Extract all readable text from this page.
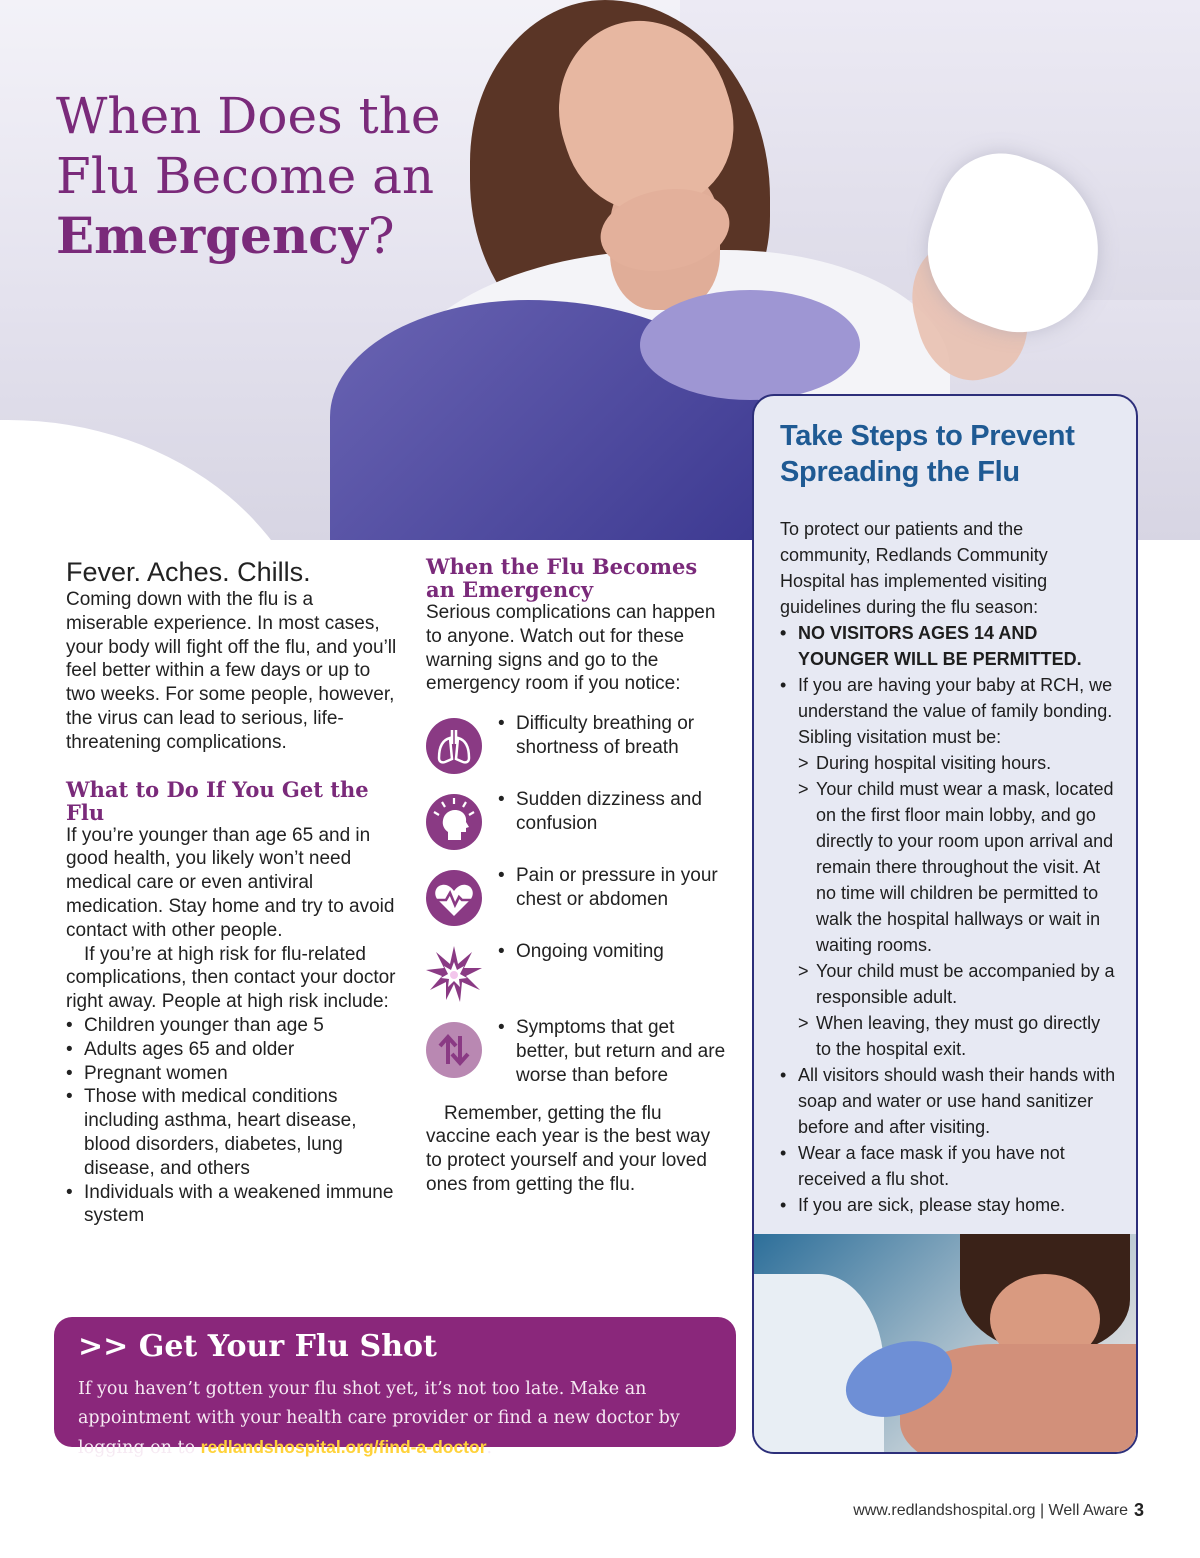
When Does the
Flu Become an
Emergency?

Fever. Aches. Chills.

Coming down with the flu is a miserable experience. In most cases, your body will fight off the flu, and you’ll feel better within a few days or up to two weeks. For some people, however, the virus can lead to serious, life-threatening complications.

What to Do If You Get the Flu

If you’re younger than age 65 and in good health, you likely won’t need medical care or even antiviral medication. Stay home and try to avoid contact with other people.

If you’re at high risk for flu-related complications, then contact your doctor right away. People at high risk include:

• Children younger than age 5
• Adults ages 65 and older
• Pregnant women
• Those with medical conditions including asthma, heart disease, blood disorders, diabetes, lung disease, and others
• Individuals with a weakened immune system
When the Flu Becomes an Emergency

Serious complications can happen to anyone. Watch out for these warning signs and go to the emergency room if you notice:

• Difficulty breathing or shortness of breath
• Sudden dizziness and confusion
• Pain or pressure in your chest or abdomen
• Ongoing vomiting
• Symptoms that get better, but return and are worse than before

Remember, getting the flu vaccine each year is the best way to protect yourself and your loved ones from getting the flu.

Take Steps to Prevent Spreading the Flu

To protect our patients and the community, Redlands Community Hospital has implemented visiting guidelines during the flu season:

• NO VISITORS AGES 14 AND YOUNGER WILL BE PERMITTED.
• If you are having your baby at RCH, we understand the value of family bonding. Sibling visitation must be:
> During hospital visiting hours.
> Your child must wear a mask, located on the first floor main lobby, and go directly to your room upon arrival and remain there throughout the visit. At no time will children be permitted to walk the hospital hallways or wait in waiting rooms.
> Your child must be accompanied by a responsible adult.
> When leaving, they must go directly to the hospital exit.
• All visitors should wash their hands with soap and water or use hand sanitizer before and after visiting.
• Wear a face mask if you have not received a flu shot.
• If you are sick, please stay home.
>> Get Your Flu Shot

If you haven’t gotten your flu shot yet, it’s not too late. Make an appointment with your health care provider or find a new doctor by logging on to redlandshospital.org/find-a-doctor.

www.redlandshospital.org | Well Aware 3
